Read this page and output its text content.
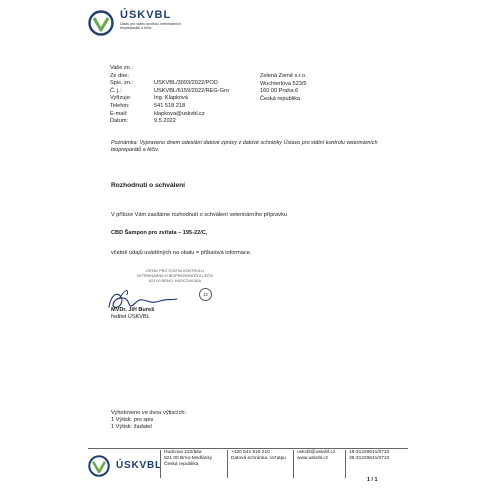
ÚSKVBL
Ústav pro státní kontrolu veterinárních biopreparátů a léčiv
Vaše zn.:
Ze dne:
Spis. zn.:	USKVBL/3093/2022/POD
Č. j.:	USKVBL/6159/2022/REG-Gro
Vyřizuje:	Ing. Klapková
Telefon:	541 518 218
E-mail:	klapkova@uskvbl.cz
Datum:	9.5.2022
Zelená Země s.r.o.
Wuchterlova 523/5
160 00 Praha 6
Česká republika
Poznámka: Vypraveno dnem odeslání datové zprávy z datové schránky Ústavu pro státní kontrolu veterinárních biopreparátů a léčiv.
Rozhodnutí o schválení
V příloze Vám zasíláme rozhodnutí o schválení veterinárního přípravku
CBD Šampon pro zvířata – 195-22/C,
včetně údajů uváděných na obalu = příbalová informace.
ÚSTAV PRO STÁTNÍ KONTROLU
VETERINÁRNÍCH BIOPREPARÁTŮ A LÉČIV
621 00 BRNO, HUDCOVA 56A
12
MVDr. Jiří Bureš
ředitel ÚSKVBL
Vyhotoveno ve dvou výtiscích:
1 Výtisk: pro spis
1 Výtisk: žadatel
ÚSKVBL
Hudcova 232/56a
621 00 Brno-Medlánky
Česká republika
+420 541 518 210
Datová schránka: ra7atpu
uskvbl@uskvbl.cz
www.uskvbl.cz
19-31229641/0710
35-31229641/0710
1 / 1
